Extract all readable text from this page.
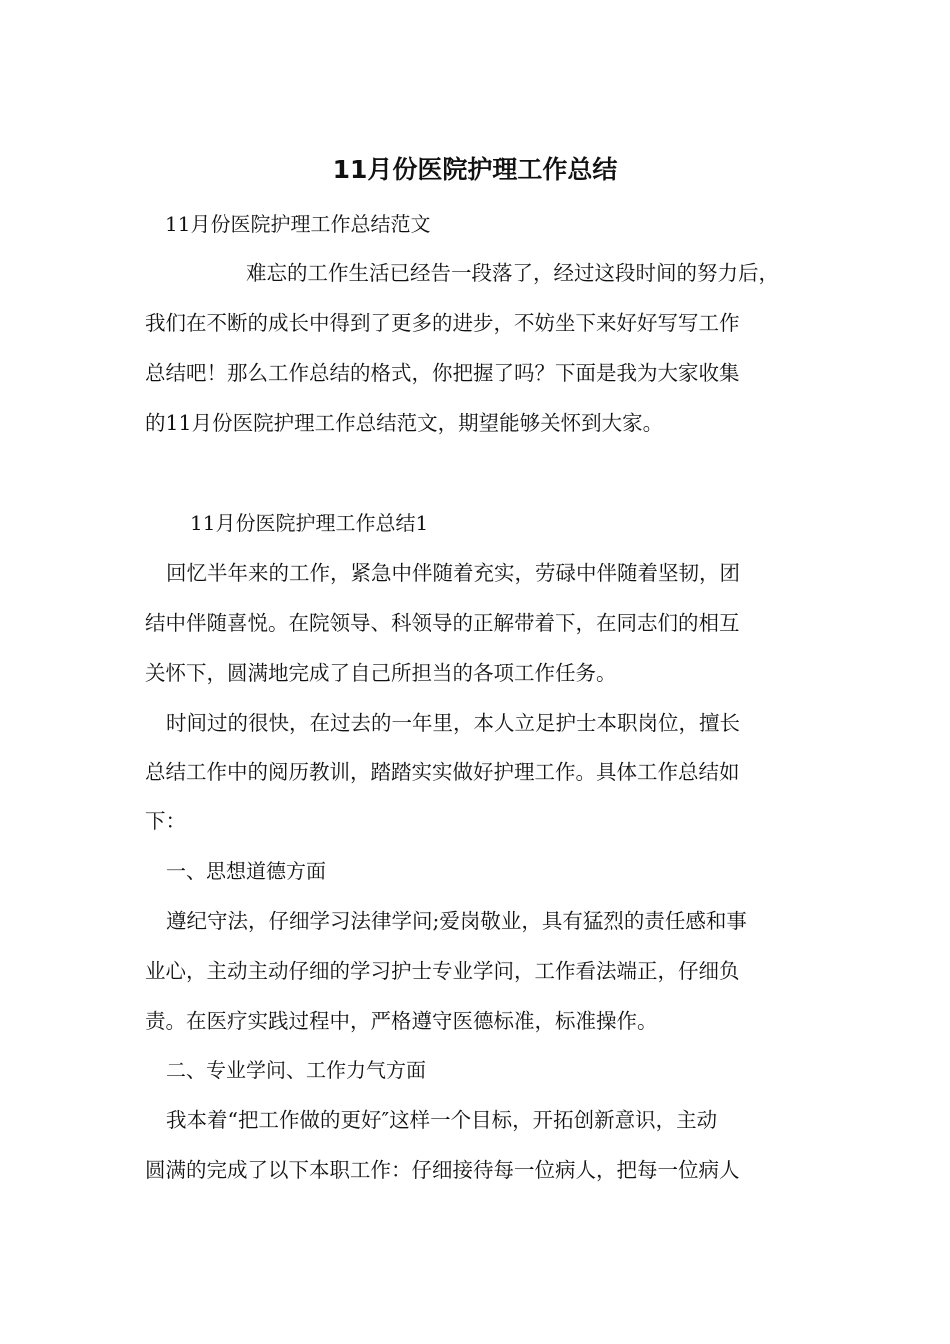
11月份医院护理工作总结

11月份医院护理工作总结范文

难忘的工作生活已经告一段落了，经过这段时间的努力后，

我们在不断的成长中得到了更多的进步，不妨坐下来好好写写工作

总结吧！那么工作总结的格式，你把握了吗？下面是我为大家收集

的11月份医院护理工作总结范文，期望能够关怀到大家。

11月份医院护理工作总结1

回忆半年来的工作，紧急中伴随着充实，劳碌中伴随着坚韧，团

结中伴随喜悦。在院领导、科领导的正解带着下，在同志们的相互

关怀下，圆满地完成了自己所担当的各项工作任务。

时间过的很快，在过去的一年里，本人立足护士本职岗位，擅长

总结工作中的阅历教训，踏踏实实做好护理工作。具体工作总结如

下：

一、思想道德方面

遵纪守法，仔细学习法律学问;爱岗敬业，具有猛烈的责任感和事

业心，主动主动仔细的学习护士专业学问，工作看法端正，仔细负

责。在医疗实践过程中，严格遵守医德标准，标准操作。

二、专业学问、工作力气方面

我本着“把工作做的更好″这样一个目标，开拓创新意识，主动

圆满的完成了以下本职工作：仔细接待每一位病人，把每一位病人
